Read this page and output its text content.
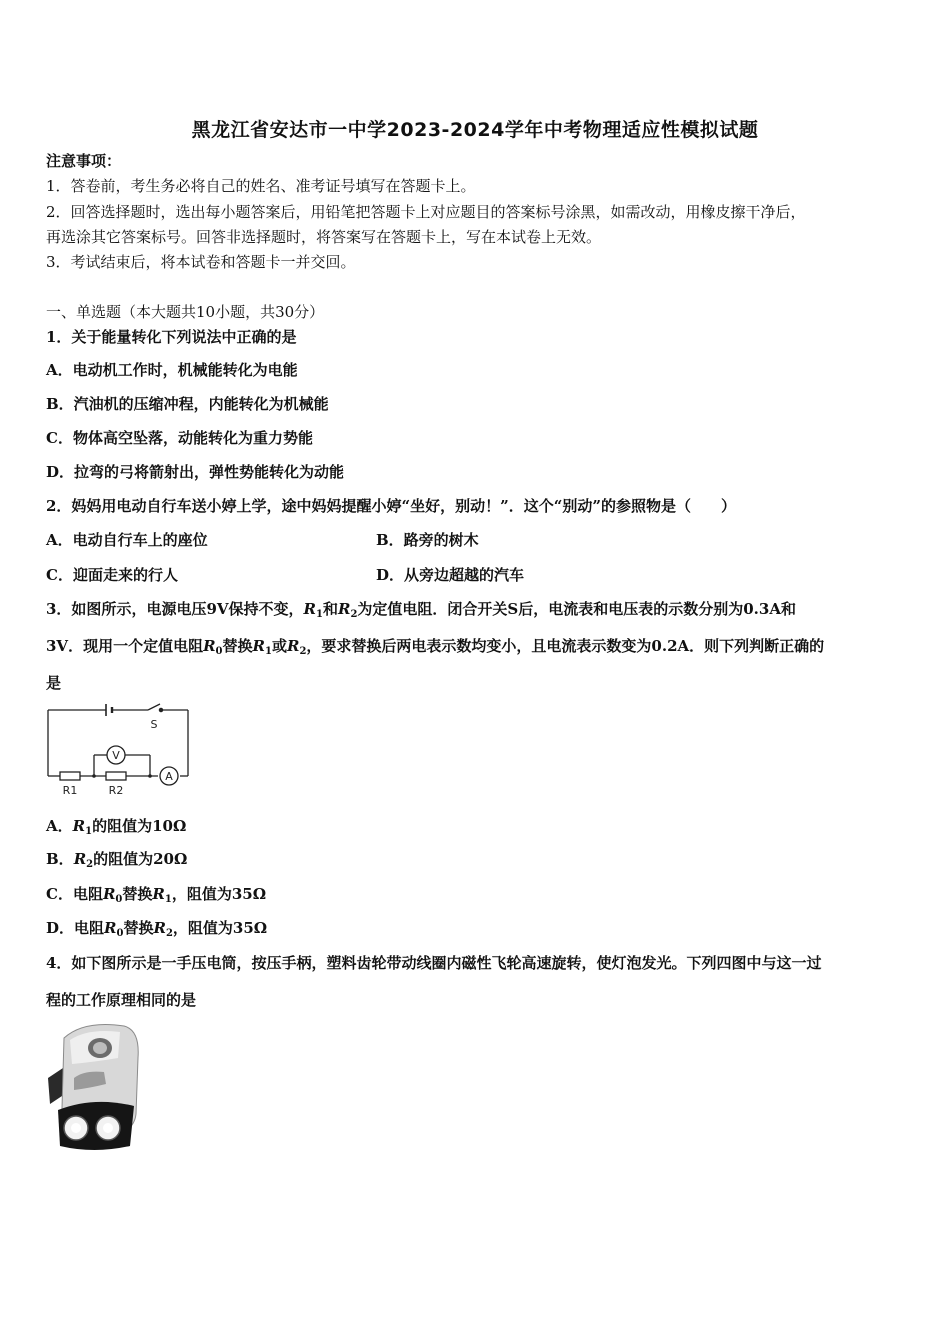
黑龙江省安达市一中学2023-2024学年中考物理适应性模拟试题
注意事项：
1．答卷前，考生务必将自己的姓名、准考证号填写在答题卡上。
2．回答选择题时，选出每小题答案后，用铅笔把答题卡上对应题目的答案标号涂黑，如需改动，用橡皮擦干净后，
再选涂其它答案标号。回答非选择题时，将答案写在答题卡上，写在本试卷上无效。
3．考试结束后，将本试卷和答题卡一并交回。
一、单选题（本大题共10小题，共30分）
1．关于能量转化下列说法中正确的是
A．电动机工作时，机械能转化为电能
B．汽油机的压缩冲程，内能转化为机械能
C．物体高空坠落，动能转化为重力势能
D．拉弯的弓将箭射出，弹性势能转化为动能
2．妈妈用电动自行车送小婷上学，途中妈妈提醒小婷“坐好，别动！”．这个“别动”的参照物是（　　）
A．电动自行车上的座位	B．路旁的树木
C．迎面走来的行人	D．从旁边超越的汽车
3．如图所示，电源电压9V保持不变，$R_1$和$R_2$为定值电阻．闭合开关S后，电流表和电压表的示数分别为0.3A和
3V．现用一个定值电阻$R_0$替换$R_1$或$R_2$，要求替换后两电表示数均变小，且电流表示数变为0.2A．则下列判断正确的
是
S
V
A
R1	R2
A．$R_1$的阻值为10Ω
B．$R_2$的阻值为20Ω
C．电阻$R_0$替换$R_1$，阻值为35Ω
D．电阻$R_0$替换$R_2$，阻值为35Ω
4．如下图所示是一手压电筒，按压手柄，塑料齿轮带动线圈内磁性飞轮高速旋转，使灯泡发光。下列四图中与这一过
程的工作原理相同的是
